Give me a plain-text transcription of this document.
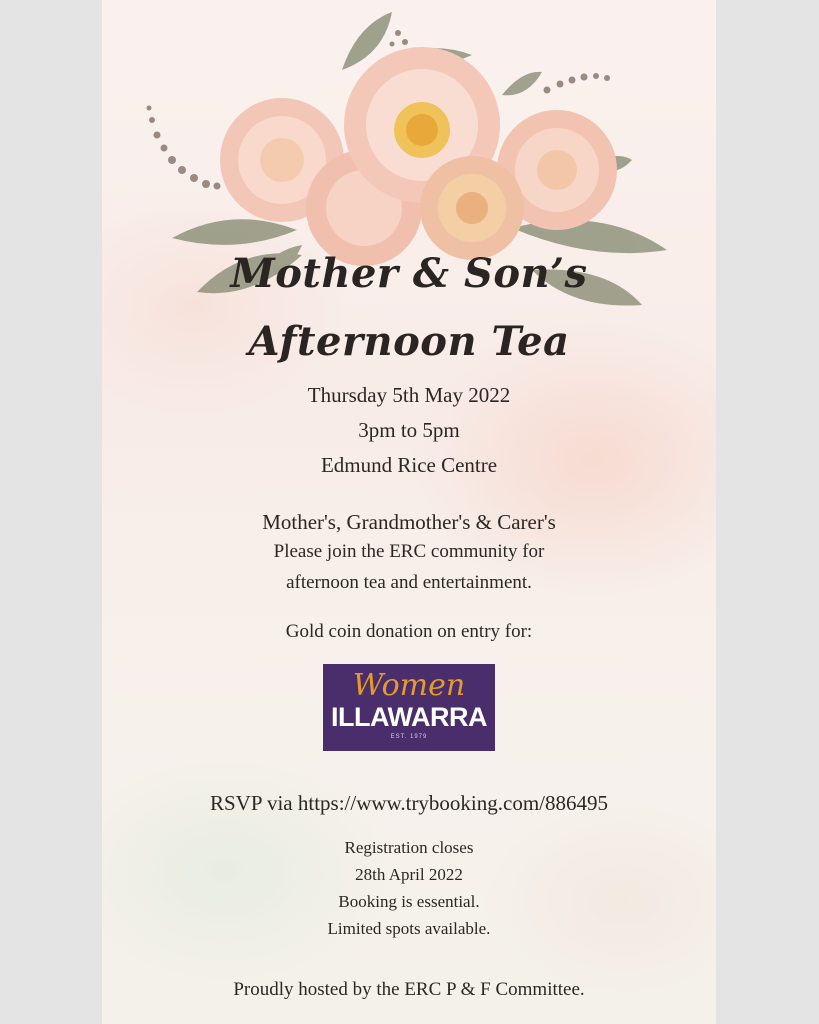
Mother & Son’s
Afternoon Tea
Thursday 5th May 2022
3pm to 5pm
Edmund Rice Centre
Mother's, Grandmother's & Carer's
Please join the ERC community for
afternoon tea and entertainment.
Gold coin donation on entry for:
Women
ILLAWARRA
EST. 1979
RSVP via https://www.trybooking.com/886495
Registration closes
28th April 2022
Booking is essential.
Limited spots available.
Proudly hosted by the ERC P & F Committee.
